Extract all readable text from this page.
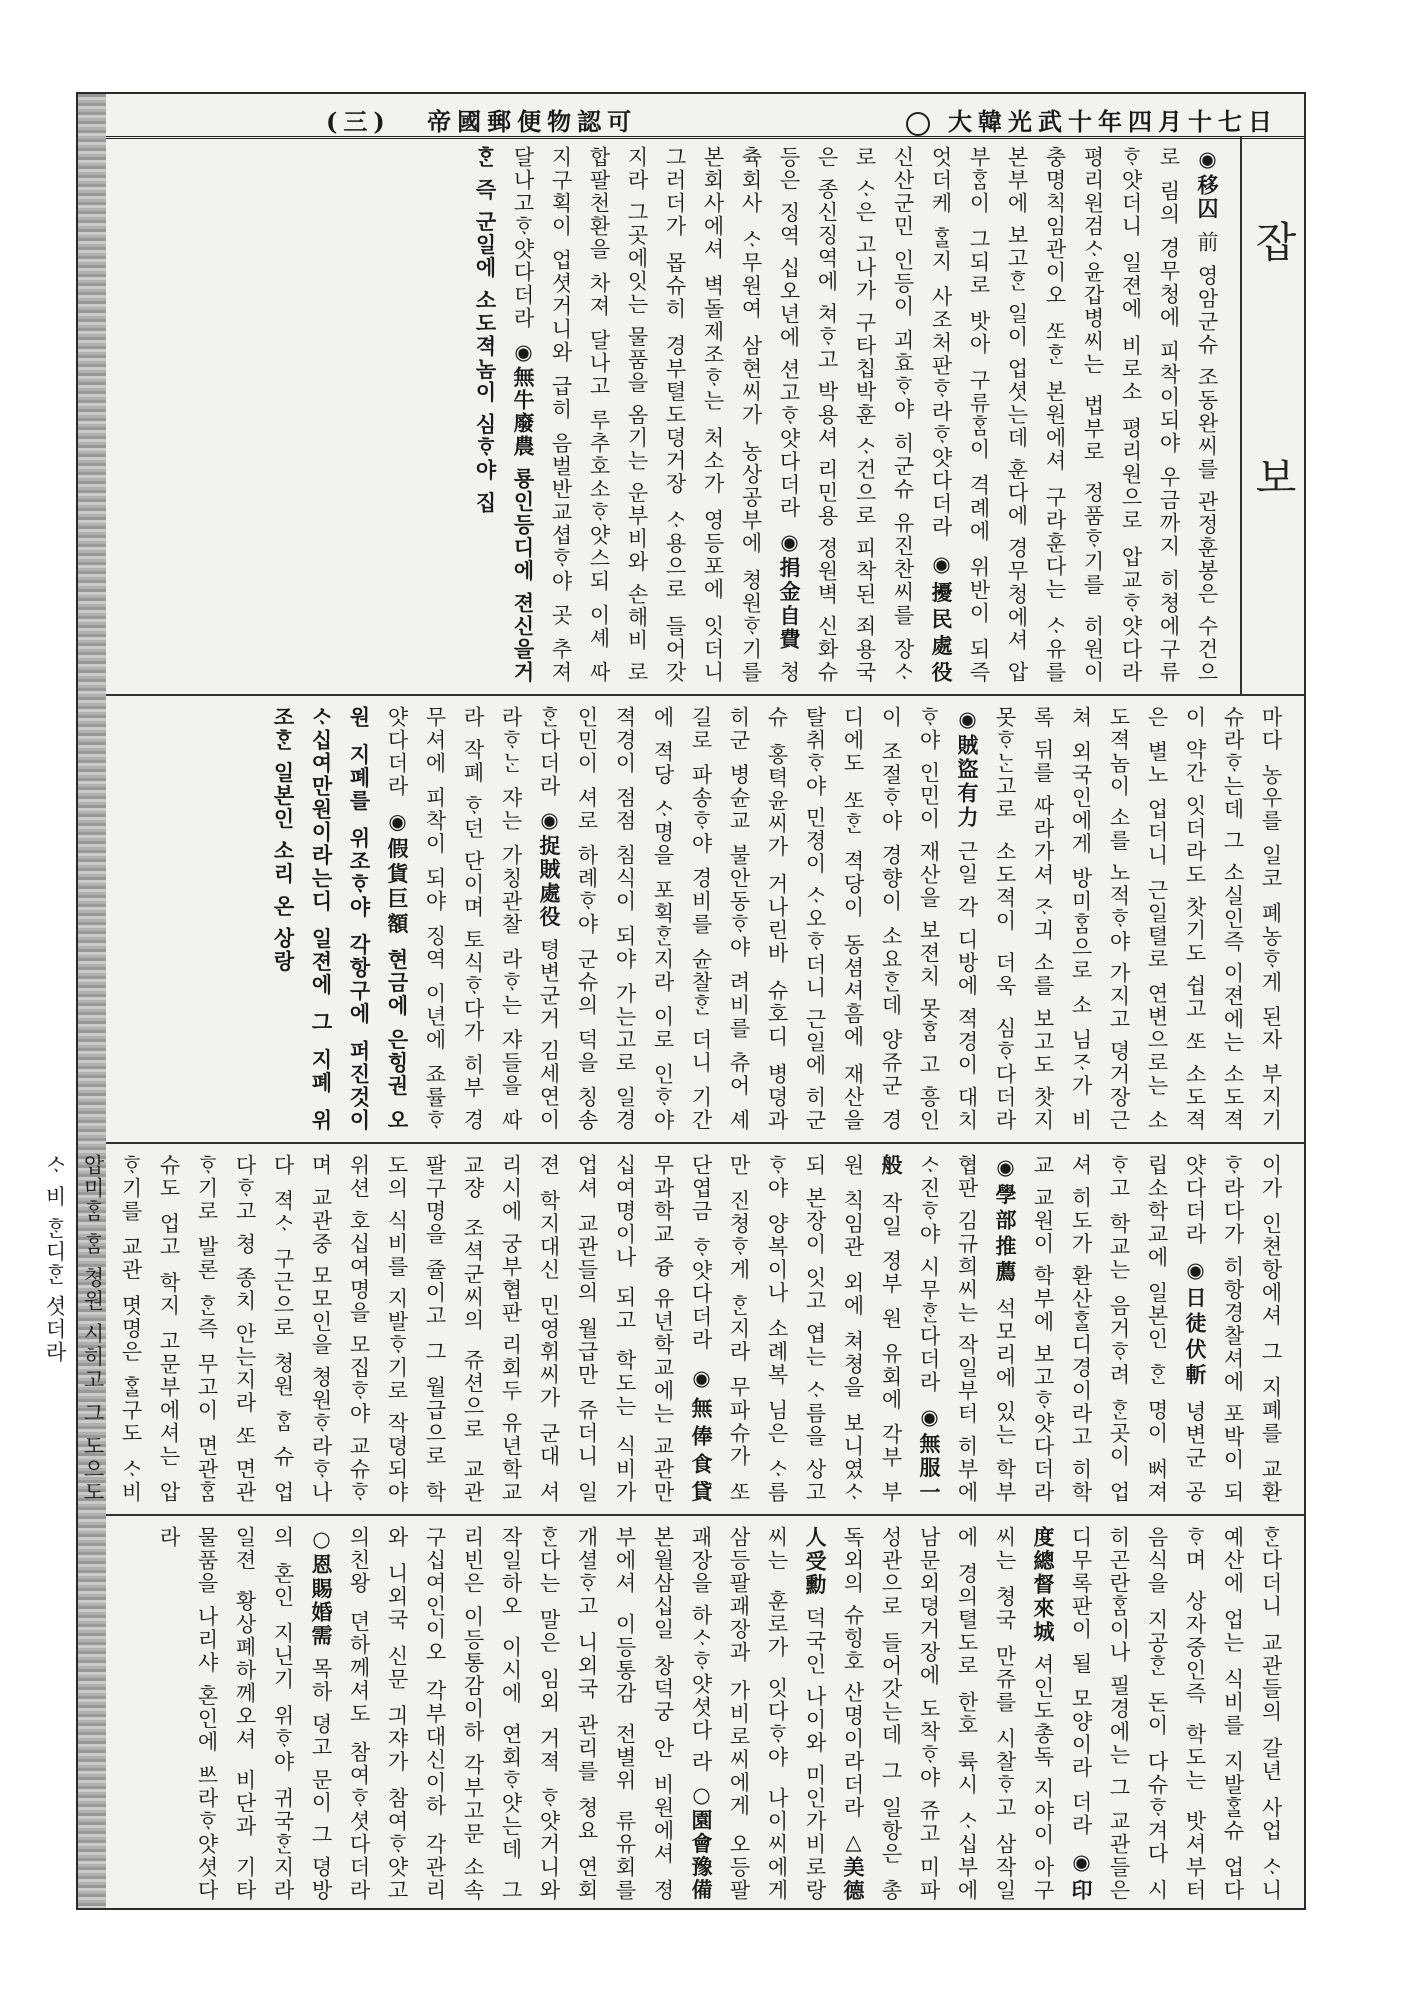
(三) 帝國郵便物認可	大韓光武十年四月十七日
잡 보
◉移囚 前 영암군슈 조동완씨를 관정훈봉은 수건으로 림의 경무청에 피착이되야 우금까지 히쳥에구류ᄒᆞ얏더니 일젼에 비로소 평리원으로 압교ᄒᆞ얏다라 평리원검ᄉᆞ윤갑병씨는 법부로 정품ᄒᆞ기를 히원이 충명칙임관이오 ᄯᅩᄒᆞᆫ 본원에셔 구라훈다는 ᄉᆞ유를 본부에 보고ᄒᆞᆫ 일이 업셧는데 훈다에 경무청에셔 압부ᄒᆞᆷ이 그되로 밧아 구류ᄒᆞᆷ이 격례에 위반이 되즉 엇더케 ᄒᆞᆯ지 사조처판ᄒᆞ라ᄒᆞ얏다더라 ◉擾民處役 신산군민 인등이 괴효ᄒᆞ야 히군슈 유진찬씨를 장ᄉᆞ로 ᄉᆞ은 고나가 구타칩박훈 ᄉᆞ건으로 피착된 죄용국은 종신징역에 쳐ᄒᆞ고 박용셔 리민용 졍원벽 신화슈 등은 징역 십오년에 션고ᄒᆞ얏다더라 ◉捐金自費 쳥츅회사 ᄉᆞ무원여 삼현씨가 농상공부에 쳥원ᄒᆞ기를 본회사에셔 벽돌제조ᄒᆞ는 처소가 영등포에 잇더니 그러더가 몹슈히 경부텰도뎡거장 ᄉᆞ용으로 들어갓지라 그곳에잇는 물품을 옴기는 운부비와 손해비 로 합팔천환을 차져 달나고 루추호소ᄒᆞ얏스되 이셰 ᄯᅡ지구획이 업셧거니와 급히 음벌반교셥ᄒᆞ야 곳 추져 달나고ᄒᆞ얏다더라 ◉無牛廢農 룡인등디에 젼신을거ᄒᆞᆫ 즉 군일에 소도젹놈이 심ᄒᆞ야 집
마다 농우를 일코 폐농ᄒᆞ게 된자 부지기슈라ᄒᆞ는데 그 소실인즉 이젼에는 소도젹이 약간 잇더라도 찻기도 쉽고 ᄯᅩ 소도젹은 별노 업더니 근일텰로 연변으로는 소도젹놈이 소를 노적ᄒᆞ야 가지고 뎡거장근쳐 외국인에게 방미ᄒᆞᆷ으로 소 님ᄌᆞ가 비록 뒤를 ᄯᅡ라가셔 ᄌᆞ긔 소를 보고도 찻지 못ᄒᆞᄂᆞᆫ고로 소도젹이 더욱 심ᄒᆞ다더라 ◉賊盜有力 근일 각 디방에 젹경이 대치ᄒᆞ야 인민이 재산을 보젼치 못ᄒᆞᆷ 고 흥인이 조절ᄒᆞ야 경향이 소요ᄒᆞᆫ데 양쥬군 경디에도 ᄯᅩᄒᆞᆫ 젹당이 동셤셔흠에 재산을 탈취ᄒᆞ야 민졍이 ᄉᆞ오ᄒᆞ더니 근일에 히군슈 홍텩윤씨가 거나린바 슈호디 병뎡과 히군 병슌교 불안동ᄒᆞ야 려비를 츄어 셰길로 파송ᄒᆞ야 경비를 슌찰ᄒᆞᆫ 더니 기간에 젹당 ᄉᆞ명을 포획ᄒᆞᆫ지라 이로 인ᄒᆞ야 젹경이 점점 침식이 되야 가는고로 일경 인민이 셔로 하례ᄒᆞ야 군슈의 덕을 칭송ᄒᆞᆫ다더라 ◉捉賊處役 텽변군거 김세연이라ᄒᆞᄂᆞᆫ 쟈는 가칭관찰 라ᄒᆞ는 쟈들을 ᄯᅡ라 작폐 ᄒᆞ던 단이며 토식ᄒᆞ다가 히부 경무셔에 피착이 되야 징역 이년에 죠률ᄒᆞ얏다더라 ◉假貨巨額 현금에 은힝권 오원 지폐를 위조ᄒᆞ야 각항구에 퍼진것이 ᄉᆞ십여만원이라는디 일젼에 그 지폐 위조ᄒᆞᆫ 일본인 소리 온 상랑
이가 인쳔항에셔 그 지폐를 교환ᄒᆞ라다가 히항경찰셔에 포박이 되얏다더라 ◉日徒伏斬 녕변군 공립소학교에 일본인 ᄒᆞᆫ 명이 ᄡᅥ져ᄒᆞ고 학교는 음거ᄒᆞ려 ᄒᆞᆫ곳이 업셔 히도가 환산ᄒᆞᆯ디경이라고 히학교 교원이 학부에 보고ᄒᆞ얏다더라 ◉學部推薦 석모리에 있는 학부협판 김규희씨는 작일부터 히부에 ᄉᆞ진ᄒᆞ야 시무ᄒᆞᆫ다더라 ◉無服一般 작일 졍부 원 유회에 각부 부원 칙임관 외에 쳐쳥을 보니였ᄉᆞ되 본장이 잇고 엽는 ᄉᆞ름을 상고ᄒᆞ야 양복이나 소례복 님은 ᄉᆞ름만 진쳥ᄒᆞ게 ᄒᆞᆫ지라 무파슈가 ᄯᅩ 단엽금 ᄒᆞ얏다더라 ◉無俸食貸 무과학교 즁 유년학교에는 교관만 십여명이나 되고 학도는 식비가 업셔 교관들의 월급만 쥬더니 일젼 학지대신 민영휘씨가 군대 셔리시에 궁부협판 리회두 유년학교 교쟝 조셕군씨의 쥬션으로 교관 팔구명을 쥴이고 그 월급으로 학도의 식비를 지발ᄒᆞ기로 작뎡되야 위션 호십여명을 모집ᄒᆞ야 교슈ᄒᆞ며 교관중 모모인을 쳥원ᄒᆞ라ᄒᆞ나 다 젹ᄉᆞ 구근으로 쳥원 ᄒᆞᆷ 슈 업다ᄒᆞ고 쳥 종치 안는지라 ᄯᅩ 면관ᄒᆞ기로 발론 ᄒᆞᆫ즉 무고이 면관ᄒᆞᆷ슈도 업고 학지 고문부에셔는 압ᄒᆞ기를 교관 몃명은 ᄒᆞᆯ구도 ᄉᆞ비 압미ᄒᆞᆷ ᄒᆞᆷ 쳥원 시히고 그 도으도ᄉᆞ 비 ᄒᆞᆫ디ᄒᆞᆫ 셧더라
ᄒᆞᆫ다더니 교관들의 갈년 사업 ᄉᆞ니 예산에 업는 식비를 지발ᄒᆞᆯ슈 업다ᄒᆞ며 상자중인즉 학도는 밧셔부터 음식을 지공ᄒᆞᆫ 돈이 다슈ᄒᆞ겨다 시히곤란ᄒᆞᆷ이나 필경에는 그 교관들은 디무록판이 될 모양이라 더라 ◉印度總督來城 셔인도총독 지야이 아구씨는 쳥국 만쥬를 시찰ᄒᆞ고 삼작일에 경의텰도로 한호 륙시 ᄉᆞ십부에 남문외뎡거장에 도착ᄒᆞ야 쥬고 미파성관으로 들어갓는데 그 일항은 총독외의 슈힝호 산명이라더라 △美德人受勳 덕국인 나이와 미인가비로랑씨는 훈로가 잇다ᄒᆞ야 나이씨에게 삼등팔괘장과 가비로씨에게 오등팔괘장을 하ᄉᆞᄒᆞ얏셧다 라 ○園會豫備 본월삼십일 창덕궁 안 비원에셔 졍부에셔 이등통감 전별위 류유회를 개셜ᄒᆞ고 니외국 관리를 쳥요 연회 ᄒᆞᆫ다는 말은 임외 거젹 ᄒᆞ얏거니와 작일하오 이시에 연회ᄒᆞ얏는데 그 리빈은 이등통감이하 각부고문 소속 구십여인이오 각부대신이하 각관리와 니외국 신문 긔쟈가 참여ᄒᆞ얏고 의친왕 뎐하께셔도 참여ᄒᆞ셧다더라 ○恩賜婚需 목하 뎡고 문이 그 뎡방의 혼인 지닌기 위ᄒᆞ야 귀국ᄒᆞᆫ지라 일젼 황상폐하께오셔 비단과 기타 물품을 나리샤 혼인에 ᄡᅳ라ᄒᆞ얏셧다라
